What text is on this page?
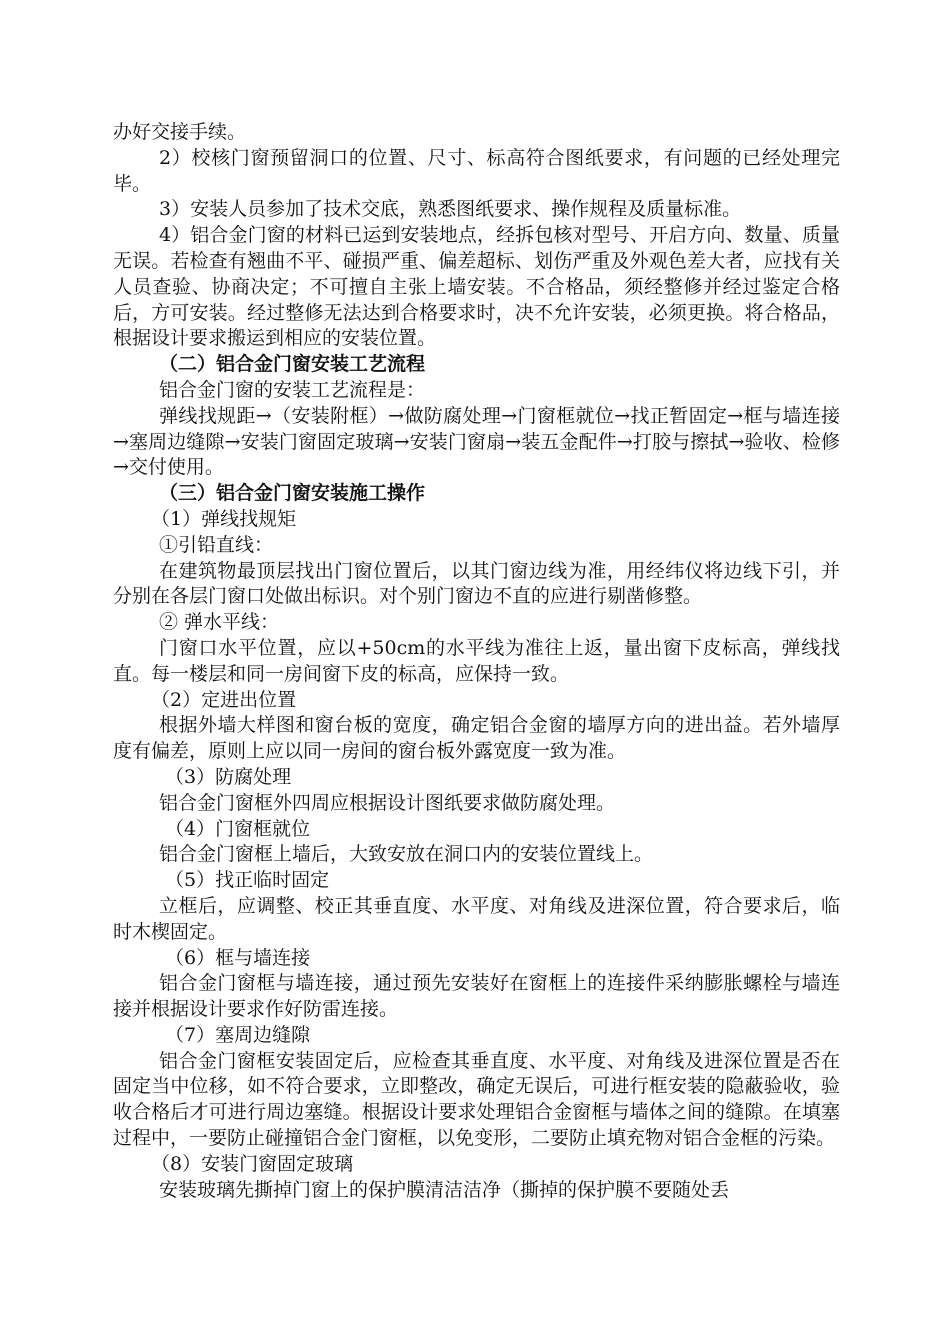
办好交接手续。

2）校核门窗预留洞口的位置、尺寸、标高符合图纸要求，有问题的已经处理完毕。

3）安装人员参加了技术交底，熟悉图纸要求、操作规程及质量标准。

4）铝合金门窗的材料已运到安装地点，经拆包核对型号、开启方向、数量、质量无误。若检查有翘曲不平、碰损严重、偏差超标、划伤严重及外观色差大者，应找有关人员查验、协商决定；不可擅自主张上墙安装。不合格品，须经整修并经过鉴定合格后，方可安装。经过整修无法达到合格要求时，决不允许安装，必须更换。将合格品，根据设计要求搬运到相应的安装位置。

（二）铝合金门窗安装工艺流程

铝合金门窗的安装工艺流程是：

弹线找规距→（安装附框）→做防腐处理→门窗框就位→找正暂固定→框与墙连接→塞周边缝隙→安装门窗固定玻璃→安装门窗扇→装五金配件→打胶与擦拭→验收、检修→交付使用。

（三）铝合金门窗安装施工操作

（1）弹线找规矩

①引铅直线：

在建筑物最顶层找出门窗位置后，以其门窗边线为准，用经纬仪将边线下引，并分别在各层门窗口处做出标识。对个别门窗边不直的应进行剔凿修整。

② 弹水平线：

门窗口水平位置，应以+50cm的水平线为准往上返，量出窗下皮标高，弹线找直。每一楼层和同一房间窗下皮的标高，应保持一致。

（2）定进出位置

根据外墙大样图和窗台板的宽度，确定铝合金窗的墙厚方向的进出益。若外墙厚度有偏差，原则上应以同一房间的窗台板外露宽度一致为准。

（3）防腐处理

铝合金门窗框外四周应根据设计图纸要求做防腐处理。

（4）门窗框就位

铝合金门窗框上墙后，大致安放在洞口内的安装位置线上。

（5）找正临时固定

立框后，应调整、校正其垂直度、水平度、对角线及进深位置，符合要求后，临时木楔固定。

（6）框与墙连接

铝合金门窗框与墙连接，通过预先安装好在窗框上的连接件采纳膨胀螺栓与墙连接并根据设计要求作好防雷连接。

（7）塞周边缝隙

铝合金门窗框安装固定后，应检查其垂直度、水平度、对角线及进深位置是否在固定当中位移，如不符合要求，立即整改，确定无误后，可进行框安装的隐蔽验收，验收合格后才可进行周边塞缝。根据设计要求处理铝合金窗框与墙体之间的缝隙。在填塞过程中，一要防止碰撞铝合金门窗框，以免变形，二要防止填充物对铝合金框的污染。

（8）安装门窗固定玻璃

安装玻璃先撕掉门窗上的保护膜清洁洁净（撕掉的保护膜不要随处丢
